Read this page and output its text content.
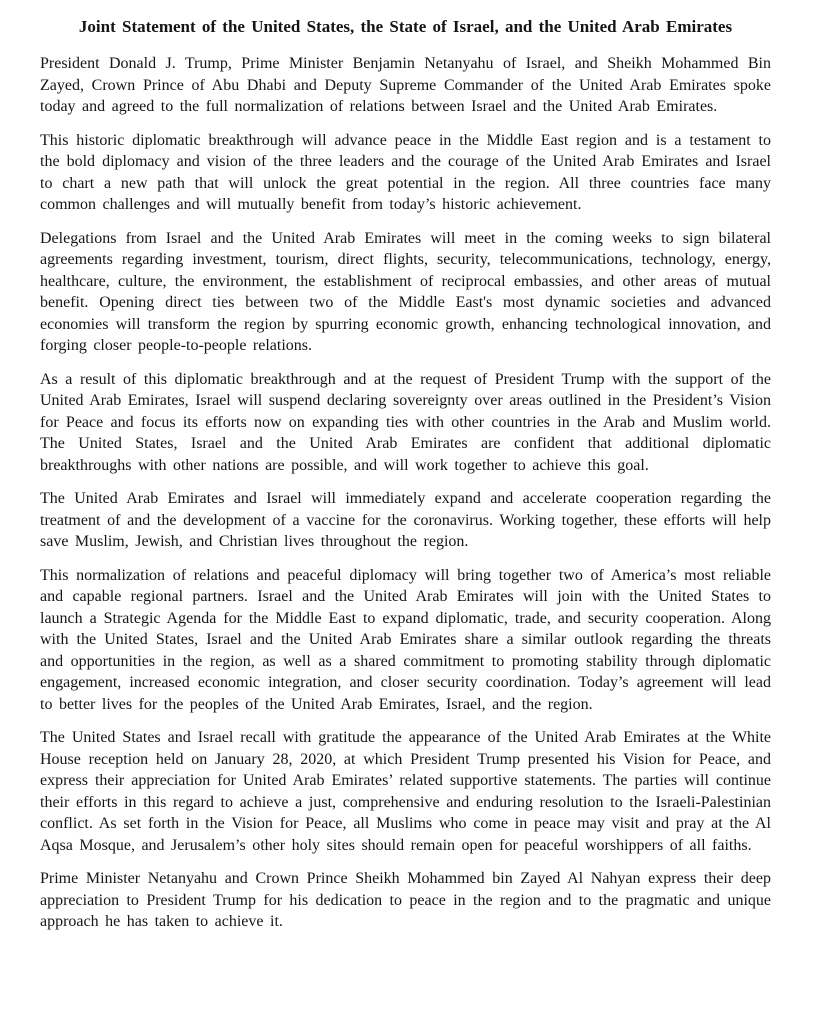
Joint Statement of the United States, the State of Israel, and the United Arab Emirates

President Donald J. Trump, Prime Minister Benjamin Netanyahu of Israel, and Sheikh Mohammed Bin Zayed, Crown Prince of Abu Dhabi and Deputy Supreme Commander of the United Arab Emirates spoke today and agreed to the full normalization of relations between Israel and the United Arab Emirates.

This historic diplomatic breakthrough will advance peace in the Middle East region and is a testament to the bold diplomacy and vision of the three leaders and the courage of the United Arab Emirates and Israel to chart a new path that will unlock the great potential in the region. All three countries face many common challenges and will mutually benefit from today’s historic achievement.

Delegations from Israel and the United Arab Emirates will meet in the coming weeks to sign bilateral agreements regarding investment, tourism, direct flights, security, telecommunications, technology, energy, healthcare, culture, the environment, the establishment of reciprocal embassies, and other areas of mutual benefit. Opening direct ties between two of the Middle East's most dynamic societies and advanced economies will transform the region by spurring economic growth, enhancing technological innovation, and forging closer people-to-people relations.

As a result of this diplomatic breakthrough and at the request of President Trump with the support of the United Arab Emirates, Israel will suspend declaring sovereignty over areas outlined in the President’s Vision for Peace and focus its efforts now on expanding ties with other countries in the Arab and Muslim world. The United States, Israel and the United Arab Emirates are confident that additional diplomatic breakthroughs with other nations are possible, and will work together to achieve this goal.

The United Arab Emirates and Israel will immediately expand and accelerate cooperation regarding the treatment of and the development of a vaccine for the coronavirus. Working together, these efforts will help save Muslim, Jewish, and Christian lives throughout the region.

This normalization of relations and peaceful diplomacy will bring together two of America’s most reliable and capable regional partners. Israel and the United Arab Emirates will join with the United States to launch a Strategic Agenda for the Middle East to expand diplomatic, trade, and security cooperation. Along with the United States, Israel and the United Arab Emirates share a similar outlook regarding the threats and opportunities in the region, as well as a shared commitment to promoting stability through diplomatic engagement, increased economic integration, and closer security coordination. Today’s agreement will lead to better lives for the peoples of the United Arab Emirates, Israel, and the region.

The United States and Israel recall with gratitude the appearance of the United Arab Emirates at the White House reception held on January 28, 2020, at which President Trump presented his Vision for Peace, and express their appreciation for United Arab Emirates’ related supportive statements. The parties will continue their efforts in this regard to achieve a just, comprehensive and enduring resolution to the Israeli-Palestinian conflict. As set forth in the Vision for Peace, all Muslims who come in peace may visit and pray at the Al Aqsa Mosque, and Jerusalem’s other holy sites should remain open for peaceful worshippers of all faiths.

Prime Minister Netanyahu and Crown Prince Sheikh Mohammed bin Zayed Al Nahyan express their deep appreciation to President Trump for his dedication to peace in the region and to the pragmatic and unique approach he has taken to achieve it.
